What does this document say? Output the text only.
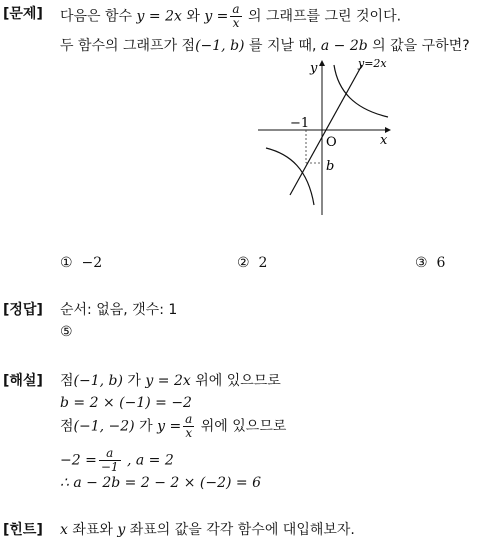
[문제] 다음은 함수 y = 2x 와 $y = \frac{a}{x}$ 의 그래프를 그린 것이다.
두 함수의 그래프가 점(−1, b) 를 지날 때, a − 2b 의 값을 구하면?
y
x
y=2x
O
−1
b
① −2	② 2	③ 6
[정답] 순서: 없음, 갯수: 1
⑤
[해설] 점(−1, b) 가 y = 2x 위에 있으므로
b = 2 × (−1) = −2
점(−1, −2) 가 $y = \frac{a}{x}$ 위에 있으므로
$-2 = \frac{a}{-1}$ , a = 2
∴ a − 2b = 2 − 2 × (−2) = 6
[힌트] x 좌표와 y 좌표의 값을 각각 함수에 대입해보자.
